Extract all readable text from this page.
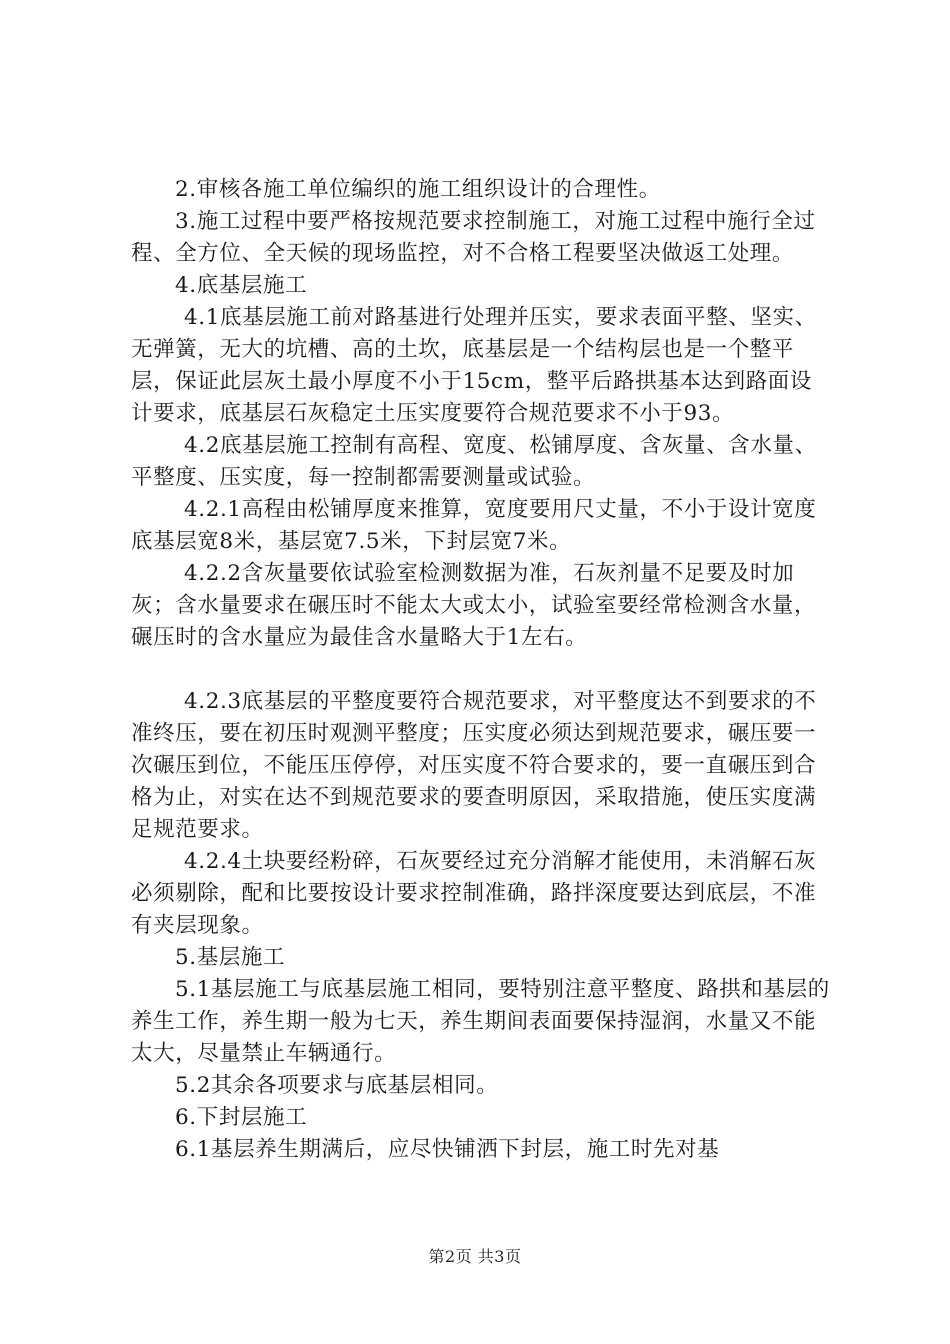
2.审核各施工单位编织的施工组织设计的合理性。

3.施工过程中要严格按规范要求控制施工，对施工过程中施行全过程、全方位、全天候的现场监控，对不合格工程要坚决做返工处理。

4.底基层施工

4.1底基层施工前对路基进行处理并压实，要求表面平整、坚实、无弹簧，无大的坑槽、高的土坎，底基层是一个结构层也是一个整平层，保证此层灰土最小厚度不小于15cm，整平后路拱基本达到路面设计要求，底基层石灰稳定土压实度要符合规范要求不小于93。

4.2底基层施工控制有高程、宽度、松铺厚度、含灰量、含水量、平整度、压实度，每一控制都需要测量或试验。

4.2.1高程由松铺厚度来推算，宽度要用尺丈量，不小于设计宽度底基层宽8米，基层宽7.5米，下封层宽7米。

4.2.2含灰量要依试验室检测数据为准，石灰剂量不足要及时加灰；含水量要求在碾压时不能太大或太小，试验室要经常检测含水量，碾压时的含水量应为最佳含水量略大于1左右。

4.2.3底基层的平整度要符合规范要求，对平整度达不到要求的不准终压，要在初压时观测平整度；压实度必须达到规范要求，碾压要一次碾压到位，不能压压停停，对压实度不符合要求的，要一直碾压到合格为止，对实在达不到规范要求的要查明原因，采取措施，使压实度满足规范要求。

4.2.4土块要经粉碎，石灰要经过充分消解才能使用，未消解石灰必须剔除，配和比要按设计要求控制准确，路拌深度要达到底层，不准有夹层现象。

5.基层施工

5.1基层施工与底基层施工相同，要特别注意平整度、路拱和基层的养生工作，养生期一般为七天，养生期间表面要保持湿润，水量又不能太大，尽量禁止车辆通行。

5.2其余各项要求与底基层相同。

6.下封层施工

6.1基层养生期满后，应尽快铺洒下封层，施工时先对基

第2页 共3页
